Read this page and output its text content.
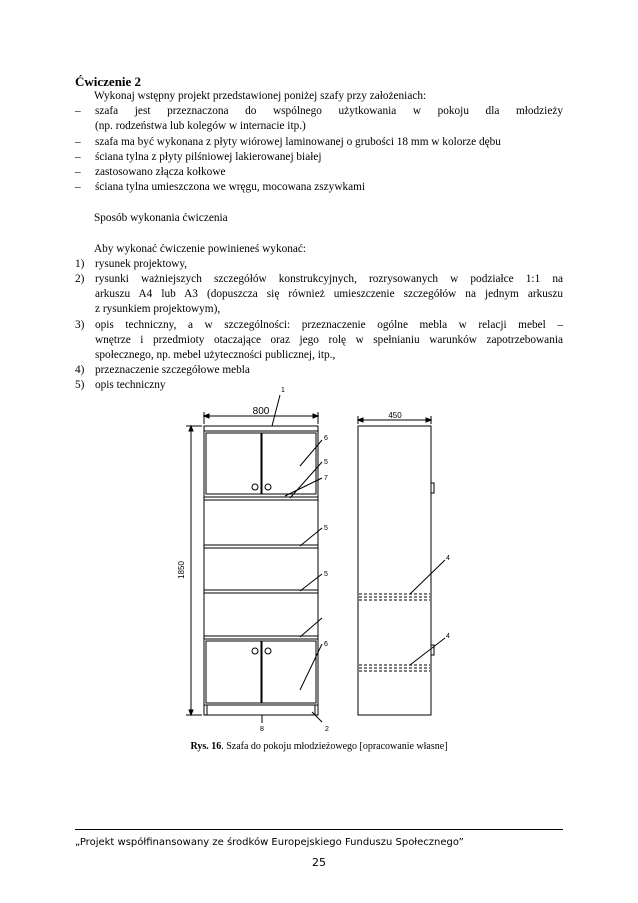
Ćwiczenie 2
Wykonaj wstępny projekt przedstawionej poniżej szafy przy założeniach:
– szafa jest przeznaczona do wspólnego użytkowania w pokoju dla młodzieży
(np. rodzeństwa lub kolegów w internacie itp.)
– szafa ma być wykonana z płyty wiórowej laminowanej o grubości 18 mm w kolorze dębu
– ściana tylna z płyty pilśniowej lakierowanej białej
– zastosowano złącza kołkowe
– ściana tylna umieszczona we wręgu, mocowana zszywkami
Sposób wykonania ćwiczenia
Aby wykonać ćwiczenie powinieneś wykonać:
1) rysunek projektowy,
2) rysunki ważniejszych szczegółów konstrukcyjnych, rozrysowanych w podziałce 1:1 na
arkuszu A4 lub A3 (dopuszcza się również umieszczenie szczegółów na jednym arkuszu
z rysunkiem projektowym),
3) opis techniczny, a w szczególności: przeznaczenie ogólne mebla w relacji mebel –
wnętrze i przedmioty otaczające oraz jego rolę w spełnianiu warunków zapotrzebowania
społecznego, np. mebel użyteczności publicznej, itp.,
4) przeznaczenie szczegółowe mebla
5) opis techniczny
800	450
1850
1
6
5
7
5
5
6
8	2
4
4
Rys. 16. Szafa do pokoju młodzieżowego [opracowanie własne]
„Projekt współfinansowany ze środków Europejskiego Funduszu Społecznego”
25
